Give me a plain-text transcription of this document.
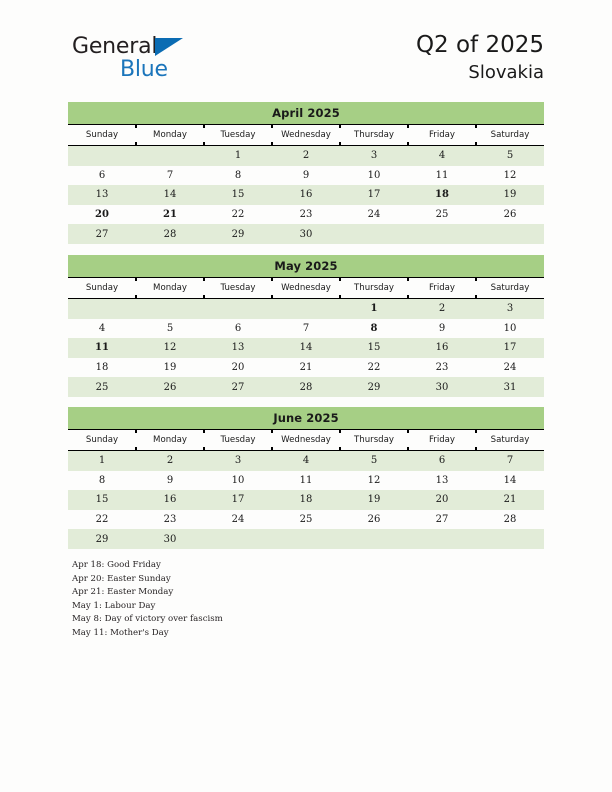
General
Blue
Q2 of 2025
Slovakia
April 2025
Sunday	Monday	Tuesday	Wednesday	Thursday	Friday	Saturday
		1	2	3	4	5
6	7	8	9	10	11	12
13	14	15	16	17	18	19
20	21	22	23	24	25	26
27	28	29	30			
May 2025
Sunday	Monday	Tuesday	Wednesday	Thursday	Friday	Saturday
				1	2	3
4	5	6	7	8	9	10
11	12	13	14	15	16	17
18	19	20	21	22	23	24
25	26	27	28	29	30	31
June 2025
Sunday	Monday	Tuesday	Wednesday	Thursday	Friday	Saturday
1	2	3	4	5	6	7
8	9	10	11	12	13	14
15	16	17	18	19	20	21
22	23	24	25	26	27	28
29	30					
Apr 18: Good Friday
Apr 20: Easter Sunday
Apr 21: Easter Monday
May 1: Labour Day
May 8: Day of victory over fascism
May 11: Mother's Day
